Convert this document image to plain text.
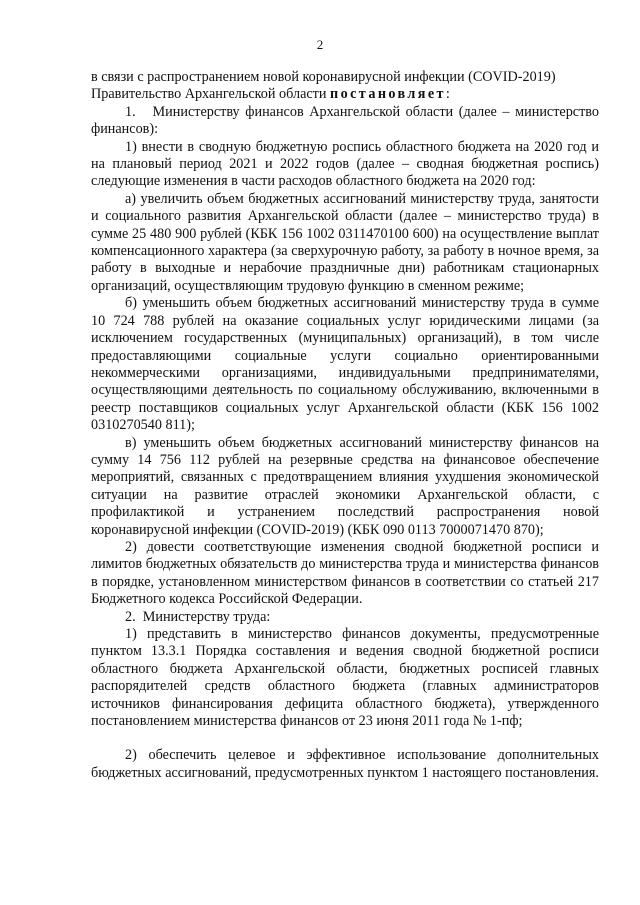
2

в связи с распространением новой коронавирусной инфекции (COVID-2019)
Правительство Архангельской области постановляет:

1.   Министерству финансов Архангельской области (далее – министерство финансов):

1) внести в сводную бюджетную роспись областного бюджета на 2020 год и на плановый период 2021 и 2022 годов (далее – сводная бюджетная роспись) следующие изменения в части расходов областного бюджета на 2020 год:

а) увеличить объем бюджетных ассигнований министерству труда, занятости и социального развития Архангельской области (далее – министерство труда) в сумме 25 480 900 рублей (КБК 156 1002 0311470100 600) на осуществление выплат компенсационного характера (за сверхурочную работу, за работу в ночное время, за работу в выходные и нерабочие праздничные дни) работникам стационарных организаций, осуществляющим трудовую функцию в сменном режиме;

б) уменьшить объем бюджетных ассигнований министерству труда в сумме 10 724 788 рублей на оказание социальных услуг юридическими лицами (за исключением государственных (муниципальных) организаций), в том числе предоставляющими социальные услуги социально ориентированными некоммерческими организациями, индивидуальными предпринимателями, осуществляющими деятельность по социальному обслуживанию, включенными в реестр поставщиков социальных услуг Архангельской области (КБК 156 1002 0310270540 811);

в) уменьшить объем бюджетных ассигнований министерству финансов на сумму 14 756 112 рублей на резервные средства на финансовое обеспечение мероприятий, связанных с предотвращением влияния ухудшения экономической ситуации на развитие отраслей экономики Архангельской области, с профилактикой и устранением последствий распространения новой коронавирусной инфекции (COVID-2019) (КБК 090 0113 7000071470 870);

2) довести соответствующие изменения сводной бюджетной росписи и лимитов бюджетных обязательств до министерства труда и министерства финансов в порядке, установленном министерством финансов в соответствии со статьей 217 Бюджетного кодекса Российской Федерации.

2.  Министерству труда:

1) представить в министерство финансов документы, предусмотренные пунктом 13.3.1 Порядка составления и ведения сводной бюджетной росписи областного бюджета Архангельской области, бюджетных росписей главных распорядителей средств областного бюджета (главных администраторов источников финансирования дефицита областного бюджета), утвержденного постановлением министерства финансов от 23 июня 2011 года № 1-пф;

2) обеспечить целевое и эффективное использование дополнительных бюджетных ассигнований, предусмотренных пунктом 1 настоящего постановления.
